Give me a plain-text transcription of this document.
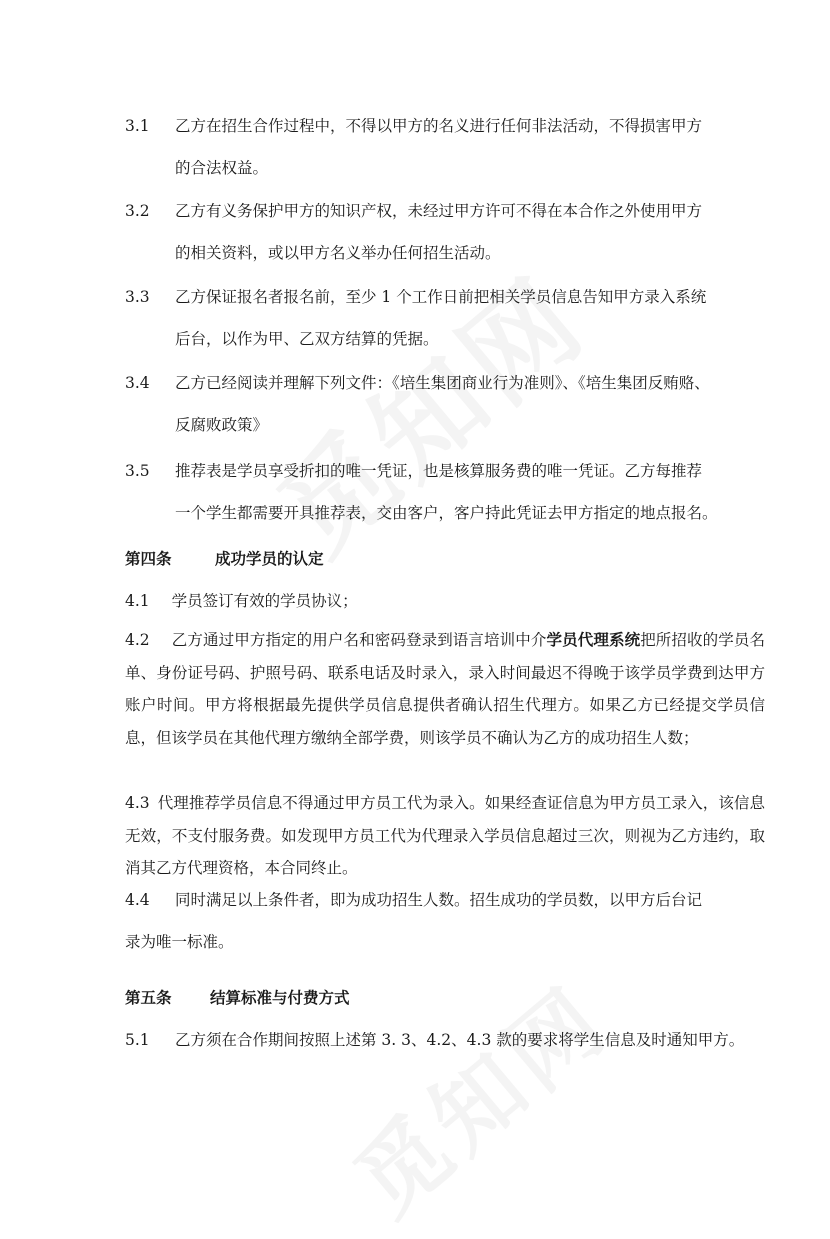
3.1 乙方在招生合作过程中，不得以甲方的名义进行任何非法活动，不得损害甲方
的合法权益。
3.2 乙方有义务保护甲方的知识产权，未经过甲方许可不得在本合作之外使用甲方
的相关资料，或以甲方名义举办任何招生活动。
3.3 乙方保证报名者报名前，至少 1 个工作日前把相关学员信息告知甲方录入系统
后台，以作为甲、乙双方结算的凭据。
3.4 乙方已经阅读并理解下列文件：《培生集团商业行为准则》、《培生集团反贿赂、
反腐败政策》
3.5 推荐表是学员享受折扣的唯一凭证，也是核算服务费的唯一凭证。乙方每推荐
一个学生都需要开具推荐表，交由客户，客户持此凭证去甲方指定的地点报名。
第四条	成功学员的认定
4.1 学员签订有效的学员协议；
4.2 乙方通过甲方指定的用户名和密码登录到语言培训中介学员代理系统把所招收的学员名单、身份证号码、护照号码、联系电话及时录入，录入时间最迟不得晚于该学员学费到达甲方账户时间。甲方将根据最先提供学员信息提供者确认招生代理方。如果乙方已经提交学员信息，但该学员在其他代理方缴纳全部学费，则该学员不确认为乙方的成功招生人数；
4.3 代理推荐学员信息不得通过甲方员工代为录入。如果经查证信息为甲方员工录入，该信息无效，不支付服务费。如发现甲方员工代为代理录入学员信息超过三次，则视为乙方违约，取消其乙方代理资格，本合同终止。
4.4 同时满足以上条件者，即为成功招生人数。招生成功的学员数，以甲方后台记
录为唯一标准。
第五条 结算标准与付费方式
5.1 乙方须在合作期间按照上述第 3. 3、4.2、4.3 款的要求将学生信息及时通知甲方。
